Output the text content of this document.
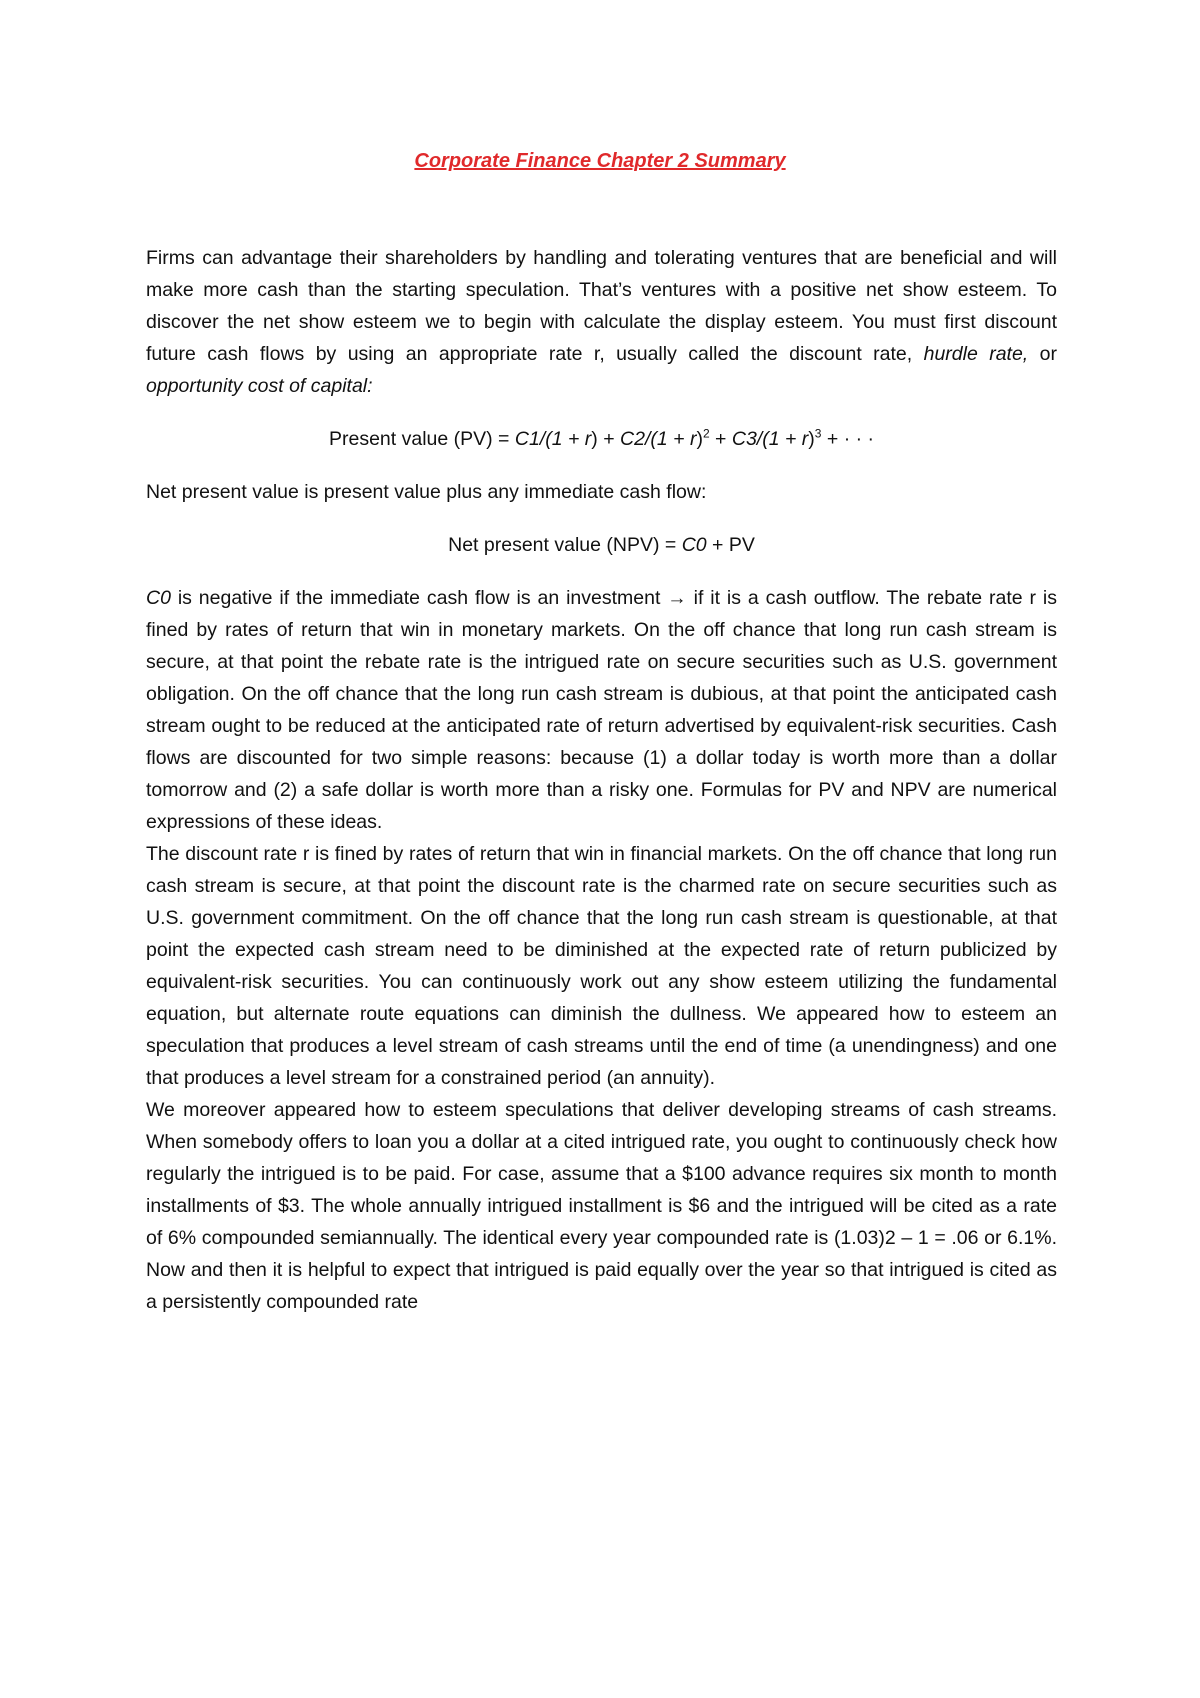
Corporate Finance Chapter 2 Summary

Firms can advantage their shareholders by handling and tolerating ventures that are beneficial and will make more cash than the starting speculation. That’s ventures with a positive net show esteem. To discover the net show esteem we to begin with calculate the display esteem. You must first discount future cash flows by using an appropriate rate r, usually called the discount rate, hurdle rate, or opportunity cost of capital:

Present value $(PV) = C1/(1 + r) + C2/(1 + r)^2 + C3/(1 + r)^3$ + · · ·

Net present value is present value plus any immediate cash flow:

Net present value (NPV) = C0 + PV

C0 is negative if the immediate cash flow is an investment → if it is a cash outflow. The rebate rate r is fined by rates of return that win in monetary markets. On the off chance that long run cash stream is secure, at that point the rebate rate is the intrigued rate on secure securities such as U.S. government obligation. On the off chance that the long run cash stream is dubious, at that point the anticipated cash stream ought to be reduced at the anticipated rate of return advertised by equivalent-risk securities. Cash flows are discounted for two simple reasons: because (1) a dollar today is worth more than a dollar tomorrow and (2) a safe dollar is worth more than a risky one. Formulas for PV and NPV are numerical expressions of these ideas.

The discount rate r is fined by rates of return that win in financial markets. On the off chance that long run cash stream is secure, at that point the discount rate is the charmed rate on secure securities such as U.S. government commitment. On the off chance that the long run cash stream is questionable, at that point the expected cash stream need to be diminished at the expected rate of return publicized by equivalent-risk securities. You can continuously work out any show esteem utilizing the fundamental equation, but alternate route equations can diminish the dullness. We appeared how to esteem an speculation that produces a level stream of cash streams until the end of time (a unendingness) and one that produces a level stream for a constrained period (an annuity).

We moreover appeared how to esteem speculations that deliver developing streams of cash streams. When somebody offers to loan you a dollar at a cited intrigued rate, you ought to continuously check how regularly the intrigued is to be paid. For case, assume that a $100 advance requires six month to month installments of $3. The whole annually intrigued installment is $6 and the intrigued will be cited as a rate of 6% compounded semiannually. The identical every year compounded rate is (1.03)2 – 1 = .06 or 6.1%. Now and then it is helpful to expect that intrigued is paid equally over the year so that intrigued is cited as a persistently compounded rate
